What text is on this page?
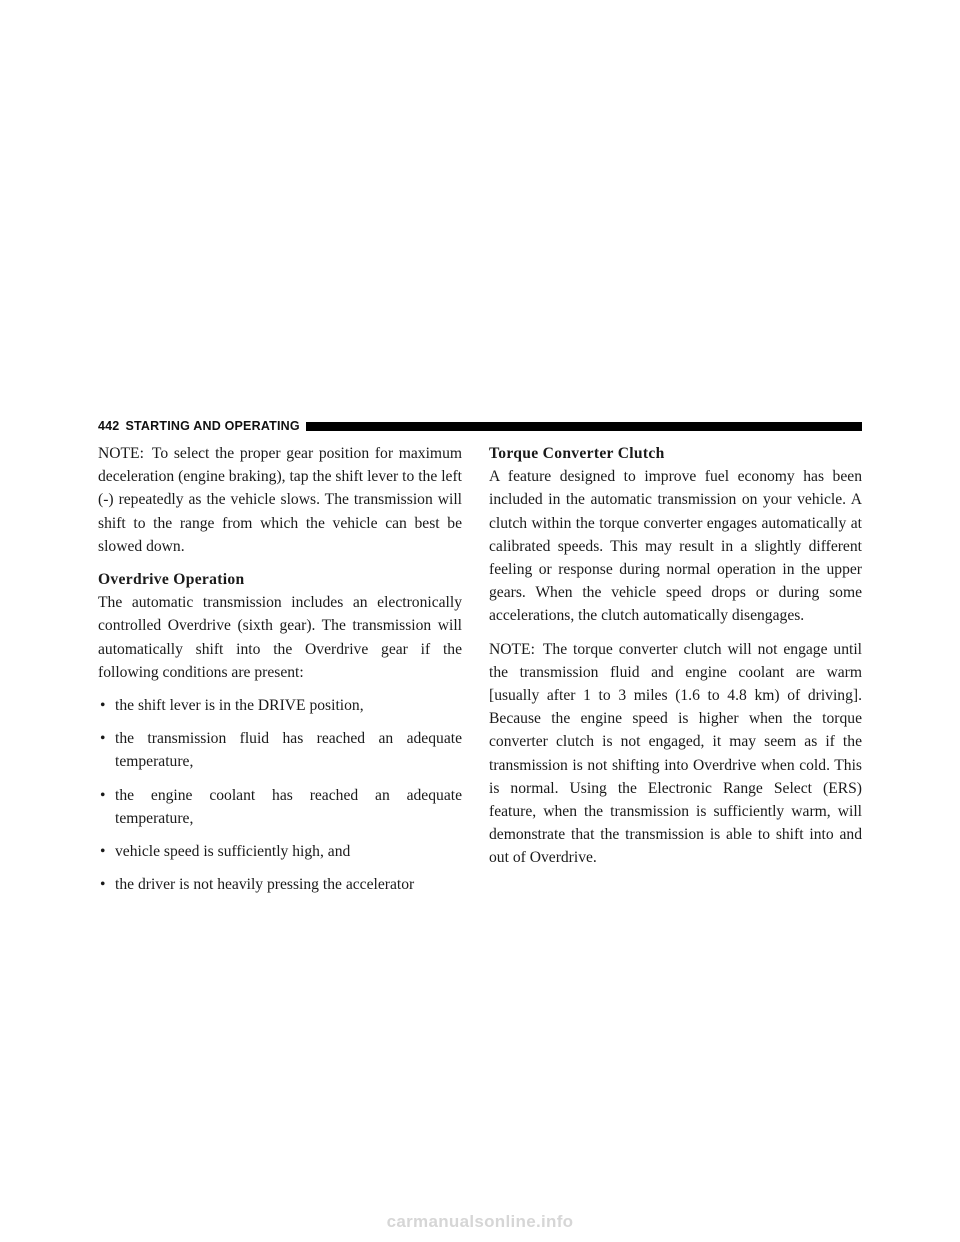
442 STARTING AND OPERATING

NOTE: To select the proper gear position for maximum deceleration (engine braking), tap the shift lever to the left (-) repeatedly as the vehicle slows. The transmission will shift to the range from which the vehicle can best be slowed down.

Overdrive Operation

The automatic transmission includes an electronically controlled Overdrive (sixth gear). The transmission will automatically shift into the Overdrive gear if the following conditions are present:

• the shift lever is in the DRIVE position,
• the transmission fluid has reached an adequate temperature,
• the engine coolant has reached an adequate temperature,
• vehicle speed is sufficiently high, and
• the driver is not heavily pressing the accelerator
Torque Converter Clutch

A feature designed to improve fuel economy has been included in the automatic transmission on your vehicle. A clutch within the torque converter engages automatically at calibrated speeds. This may result in a slightly different feeling or response during normal operation in the upper gears. When the vehicle speed drops or during some accelerations, the clutch automatically disengages.

NOTE: The torque converter clutch will not engage until the transmission fluid and engine coolant are warm [usually after 1 to 3 miles (1.6 to 4.8 km) of driving]. Because the engine speed is higher when the torque converter clutch is not engaged, it may seem as if the transmission is not shifting into Overdrive when cold. This is normal. Using the Electronic Range Select (ERS) feature, when the transmission is sufficiently warm, will demonstrate that the transmission is able to shift into and out of Overdrive.

carmanualsonline.info
